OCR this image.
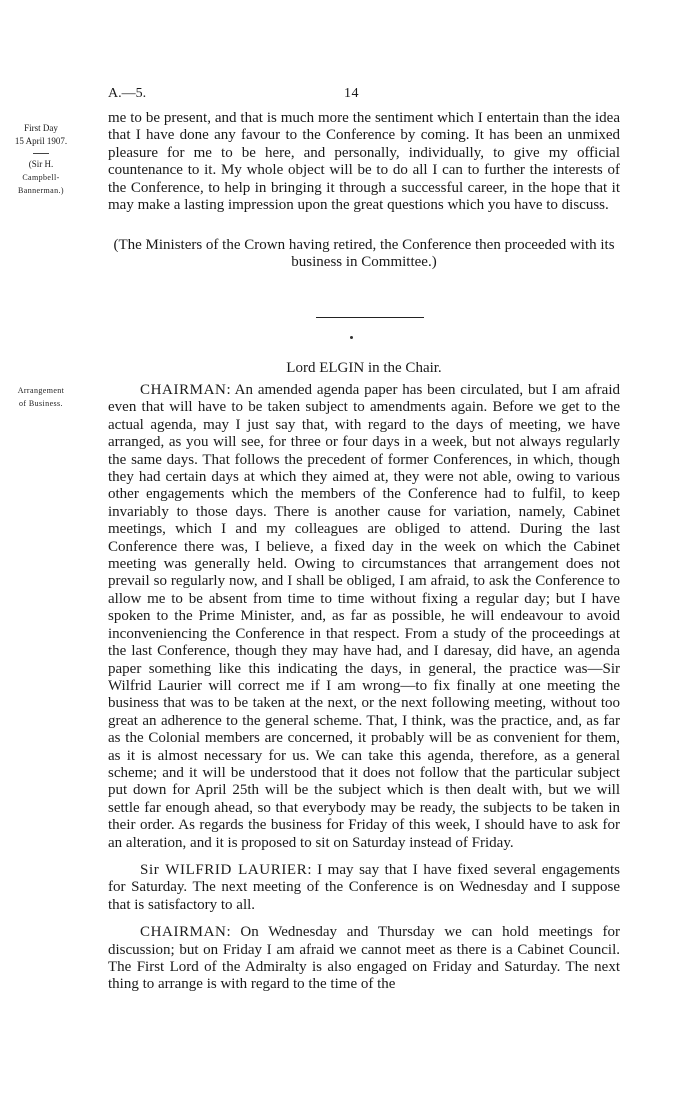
A.—5.	14
First Day
15 April 1907.
(Sir H.
Campbell-
Bannerman.)
Arrangement
of Business.

me to be present, and that is much more the sentiment which I entertain than the idea that I have done any favour to the Conference by coming. It has been an unmixed pleasure for me to be here, and personally, individually, to give my official countenance to it. My whole object will be to do all I can to further the interests of the Conference, to help in bringing it through a successful career, in the hope that it may make a lasting impression upon the great questions which you have to discuss.

(The Ministers of the Crown having retired, the Conference then proceeded with its business in Committee.)
Lord ELGIN in the Chair.

CHAIRMAN: An amended agenda paper has been circulated, but I am afraid even that will have to be taken subject to amendments again. Before we get to the actual agenda, may I just say that, with regard to the days of meeting, we have arranged, as you will see, for three or four days in a week, but not always regularly the same days. That follows the precedent of former Conferences, in which, though they had certain days at which they aimed at, they were not able, owing to various other engagements which the members of the Conference had to fulfil, to keep invariably to those days. There is another cause for variation, namely, Cabinet meetings, which I and my colleagues are obliged to attend. During the last Conference there was, I believe, a fixed day in the week on which the Cabinet meeting was generally held. Owing to circumstances that arrangement does not prevail so regularly now, and I shall be obliged, I am afraid, to ask the Conference to allow me to be absent from time to time without fixing a regular day; but I have spoken to the Prime Minister, and, as far as possible, he will endeavour to avoid inconveniencing the Conference in that respect. From a study of the proceedings at the last Conference, though they may have had, and I daresay, did have, an agenda paper something like this indicating the days, in general, the practice was—Sir Wilfrid Laurier will correct me if I am wrong—to fix finally at one meeting the business that was to be taken at the next, or the next following meeting, without too great an adherence to the general scheme. That, I think, was the practice, and, as far as the Colonial members are concerned, it probably will be as convenient for them, as it is almost necessary for us. We can take this agenda, therefore, as a general scheme; and it will be understood that it does not follow that the particular subject put down for April 25th will be the subject which is then dealt with, but we will settle far enough ahead, so that everybody may be ready, the subjects to be taken in their order. As regards the business for Friday of this week, I should have to ask for an alteration, and it is proposed to sit on Saturday instead of Friday.

Sir WILFRID LAURIER: I may say that I have fixed several engagements for Saturday. The next meeting of the Conference is on Wednesday and I suppose that is satisfactory to all.

CHAIRMAN: On Wednesday and Thursday we can hold meetings for discussion; but on Friday I am afraid we cannot meet as there is a Cabinet Council. The First Lord of the Admiralty is also engaged on Friday and Saturday. The next thing to arrange is with regard to the time of the
